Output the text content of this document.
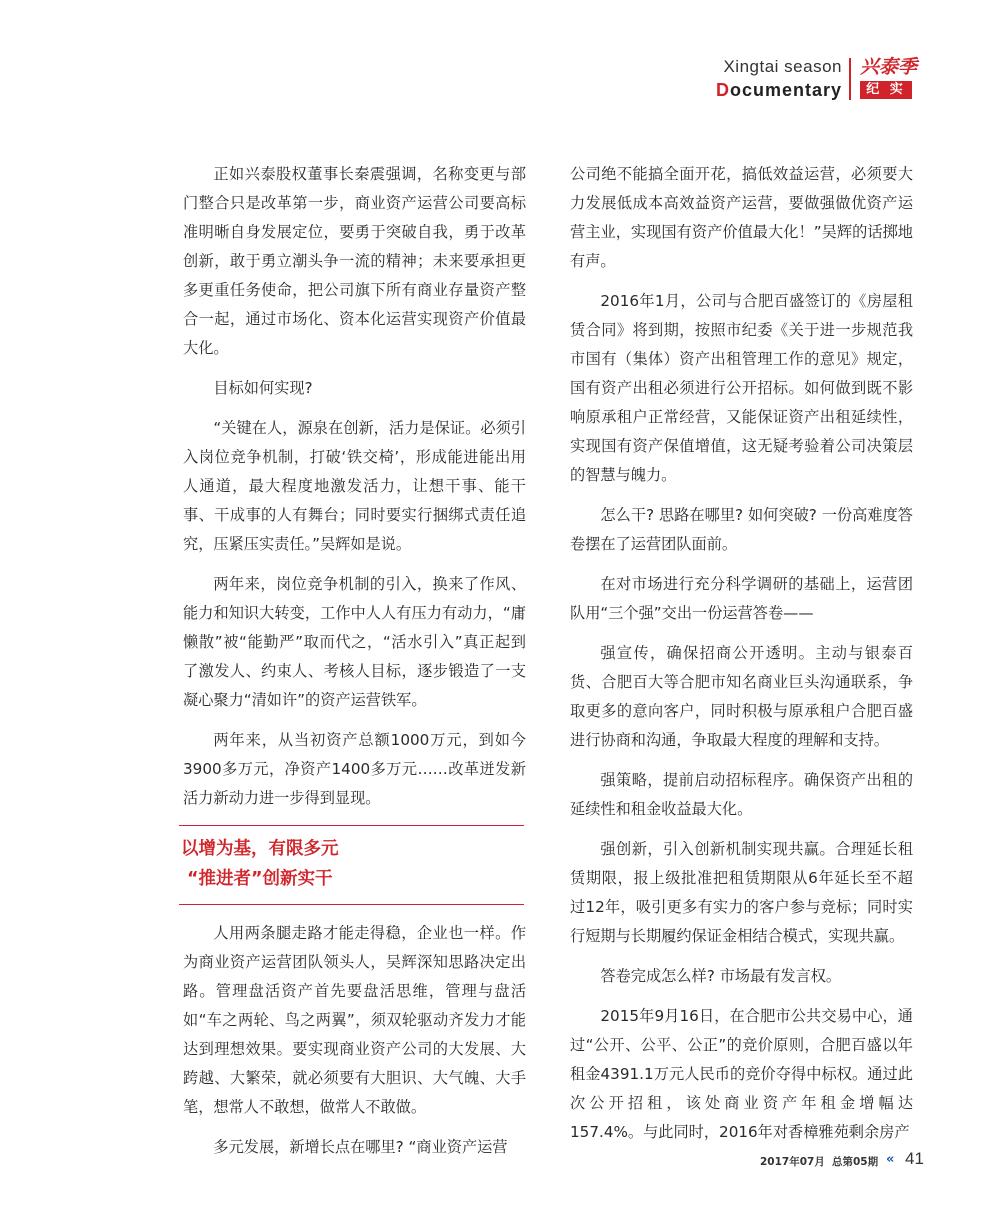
Xingtai season
Documentary
兴泰季
纪 实

正如兴泰股权董事长秦震强调，名称变更与部门整合只是改革第一步，商业资产运营公司要高标准明晰自身发展定位，要勇于突破自我，勇于改革创新，敢于勇立潮头争一流的精神；未来要承担更多更重任务使命，把公司旗下所有商业存量资产整合一起，通过市场化、资本化运营实现资产价值最大化。

目标如何实现?

“关键在人，源泉在创新，活力是保证。必须引入岗位竞争机制，打破‘铁交椅’，形成能进能出用人通道，最大程度地激发活力，让想干事、能干事、干成事的人有舞台；同时要实行捆绑式责任追究，压紧压实责任。”吴辉如是说。

两年来，岗位竞争机制的引入，换来了作风、能力和知识大转变，工作中人人有压力有动力，“庸懒散”被“能勤严”取而代之，“活水引入”真正起到了激发人、约束人、考核人目标，逐步锻造了一支凝心聚力“清如许”的资产运营铁军。

两年来，从当初资产总额1000万元，到如今3900多万元，净资产1400多万元……改革迸发新活力新动力进一步得到显现。

以增为基，有限多元
“推进者”创新实干

人用两条腿走路才能走得稳，企业也一样。作为商业资产运营团队领头人，吴辉深知思路决定出路。管理盘活资产首先要盘活思维，管理与盘活如“车之两轮、鸟之两翼”，须双轮驱动齐发力才能达到理想效果。要实现商业资产公司的大发展、大跨越、大繁荣，就必须要有大胆识、大气魄、大手笔，想常人不敢想，做常人不敢做。

多元发展，新增长点在哪里? “商业资产运营

公司绝不能搞全面开花，搞低效益运营，必须要大力发展低成本高效益资产运营，要做强做优资产运营主业，实现国有资产价值最大化！”吴辉的话掷地有声。

2016年1月，公司与合肥百盛签订的《房屋租赁合同》将到期，按照市纪委《关于进一步规范我市国有（集体）资产出租管理工作的意见》规定，国有资产出租必须进行公开招标。如何做到既不影响原承租户正常经营，又能保证资产出租延续性，实现国有资产保值增值，这无疑考验着公司决策层的智慧与魄力。

怎么干? 思路在哪里? 如何突破? 一份高难度答卷摆在了运营团队面前。

在对市场进行充分科学调研的基础上，运营团队用“三个强”交出一份运营答卷——

强宣传，确保招商公开透明。主动与银泰百货、合肥百大等合肥市知名商业巨头沟通联系，争取更多的意向客户，同时积极与原承租户合肥百盛进行协商和沟通，争取最大程度的理解和支持。

强策略，提前启动招标程序。确保资产出租的延续性和租金收益最大化。

强创新，引入创新机制实现共赢。合理延长租赁期限，报上级批准把租赁期限从6年延长至不超过12年，吸引更多有实力的客户参与竞标；同时实行短期与长期履约保证金相结合模式，实现共赢。

答卷完成怎么样? 市场最有发言权。

2015年9月16日，在合肥市公共交易中心，通过“公开、公平、公正”的竞价原则，合肥百盛以年租金4391.1万元人民币的竞价夺得中标权。通过此次公开招租，该处商业资产年租金增幅达157.4%。与此同时，2016年对香樟雅苑剩余房产

2017年07月 总第05期 « 41
